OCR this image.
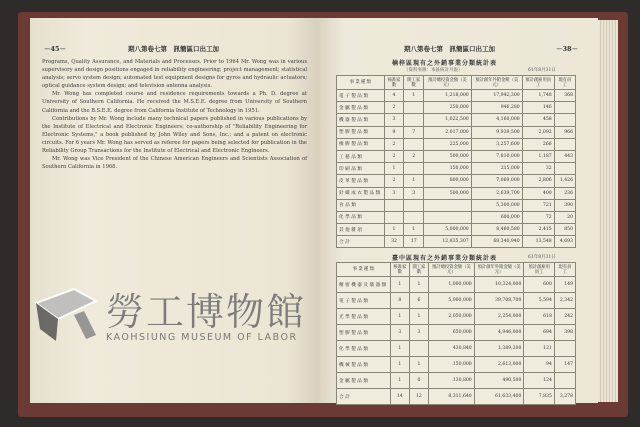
－45－	期八第卷七第　訊簡區口出工加

Programs, Quality Assurance, and Materials and Processes. Prior to 1964 Mr. Wong was in various supervisory and design positions engaged in reliability engineering; project management; statistical analysis; servo system design; automated test equipment designs for gyros and hydraulic actuators; optical guidance system design; and television antenna analysis.

Mr. Wong has completed course and residence requirements towards a Ph. D. degree at University of Southern California. He received the M.S.E.E. degree from University of Southern California and the B.S.E.E. degree from California Institute of Technology in 1951.

Contributions by Mr. Wong include many technical papers published in various publications by the Institute of Electrical and Electronic Engineers; co-authorship of "Reliability Engineering for Electronic Systems," a book published by John Wiley and Sons, Inc.; and a patent on electronic circuits. For 6 years Mr. Wong has served as referee for papers being selected for publication in the Reliability Group Transactions for the Institute of Electrical and Electronic Engineers.

Mr. Wong was Vice President of the Chinese American Engineers and Scientists Association of Southern California in 1968.

期八第卷七第　訊簡區口出工加	－38－
楠梓區現有之外銷事業分類統計表
（資料來源：本區統計月報）	61年8月31日
事 業 種 類	核准家數	開工家數	預計總投資金額（美元）	預計創年外銷金額（美元）	預計創雇用員工	現有員工
電子製品類	4	1	1,218,000	17,942,300	1,748	368
金屬製品類	2		250,000	946,280	146	
機器製品類	3		1,022,500	4,160,000	458	
塑膠製品類	9	7	2,017,000	9,939,500	2,092	966
橡膠製品類	2		225,000	3,257,600	266	
工藝品類	2	2	500,000	7,810,000	1,187	443
印刷品類	1		150,000	215,000	32	
皮革製品類	2	1	800,000	7,069,000	2,806	1,426
針織成衣製品類	3	3	500,000	2,639,700	400	236
食品類				5,300,000	721	390
化學品類				600,000	72	20
其他雜項	1	1	5,000,000	8,460,580	2,415	850
合計	32	17	12,835,307	68,340,940	13,548	4,693
臺中區現有之外銷事業分類統計表	61年8月31日
事 業 種 類	核准家數	開工家數	預計總投資金額（美元）	預計創年外銷金額（美元）	預計創雇用員工	現有員工
精密機器及儀器類	1	1	1,000,000	10,324,000	600	149
電子製品類	8	6	5,900,000	39,708,700	5,594	2,342
光學製品類	1	1	2,050,000	2,254,000	618	242
塑膠製品類	3	3	650,000	4,946,000	694	398
化學製品類	1		430,840	1,389,200	121	
機械製品類	1	1	150,000	2,613,000	94	147
金屬製品類	1	0	130,800	490,500	124	
合計	14	12	8,311,640	61,633,400	7,835	3,278
勞工博物館
KAOHSIUNG MUSEUM OF LABOR
